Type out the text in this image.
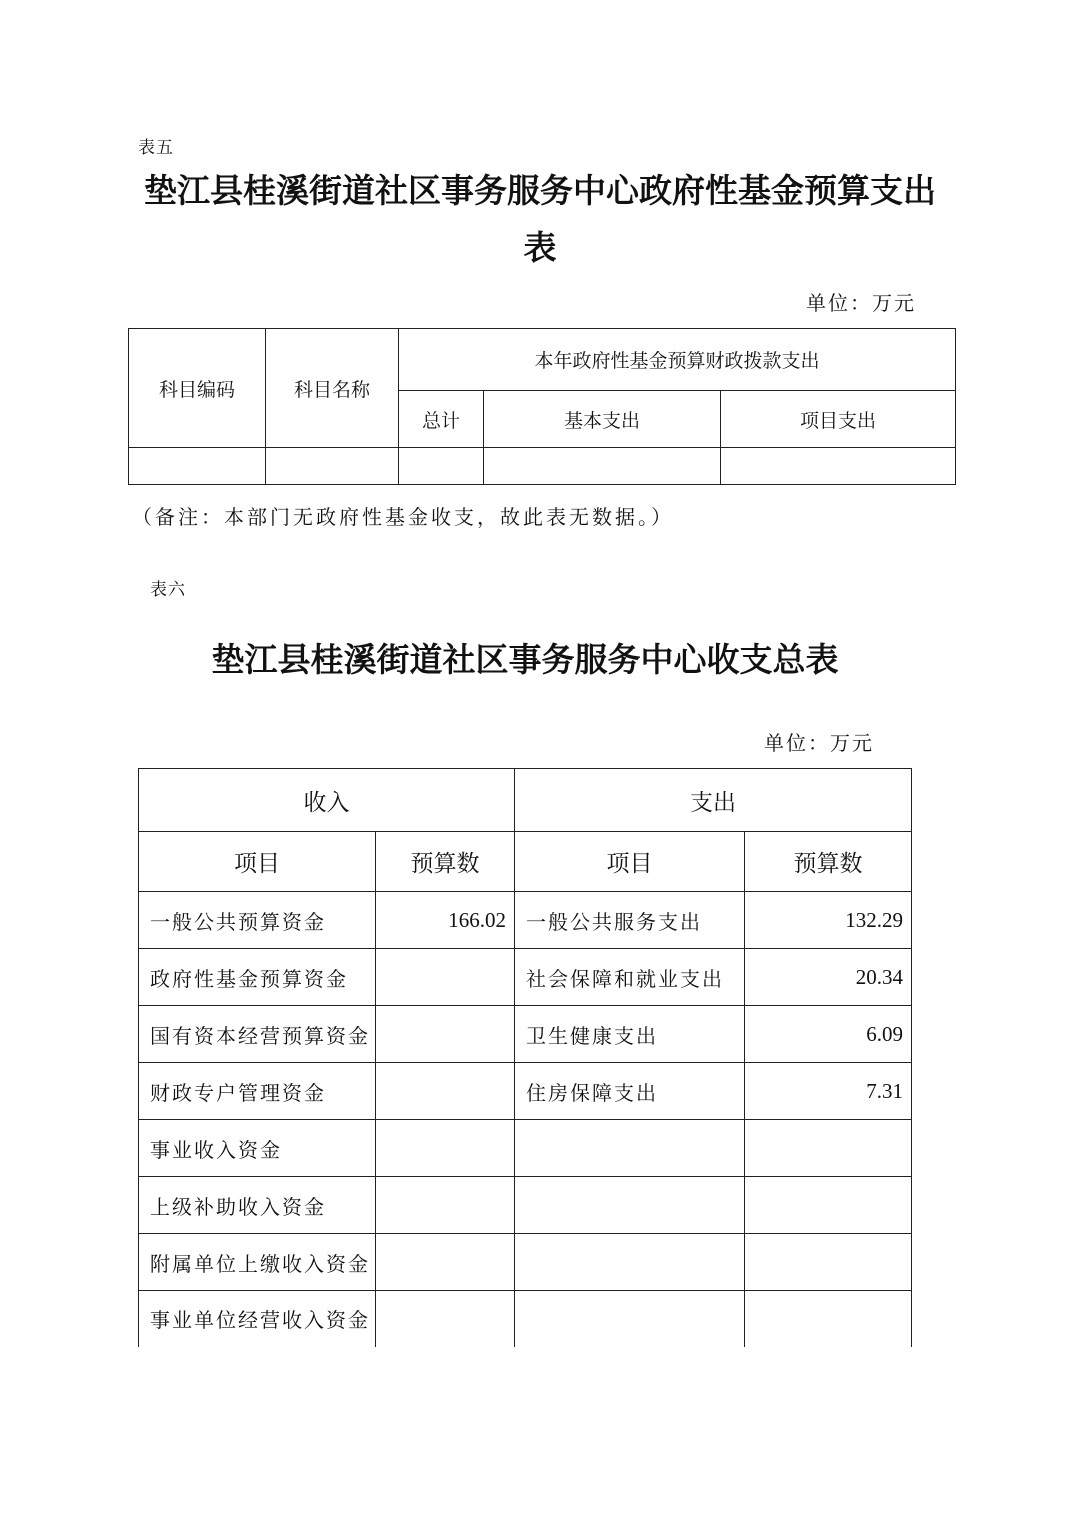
表五
垫江县桂溪街道社区事务服务中心政府性基金预算支出
表
单位：万元
科目编码	科目名称	本年政府性基金预算财政拨款支出		
		总计	基本支出	项目支出

（备注：本部门无政府性基金收支，故此表无数据。）
表六
垫江县桂溪街道社区事务服务中心收支总表
单位：万元
收入		支出	
项目	预算数	项目	预算数
一般公共预算资金	166.02	一般公共服务支出	132.29
政府性基金预算资金		社会保障和就业支出	20.34
国有资本经营预算资金		卫生健康支出	6.09
财政专户管理资金		住房保障支出	7.31
事业收入资金			
上级补助收入资金			
附属单位上缴收入资金			
事业单位经营收入资金			
